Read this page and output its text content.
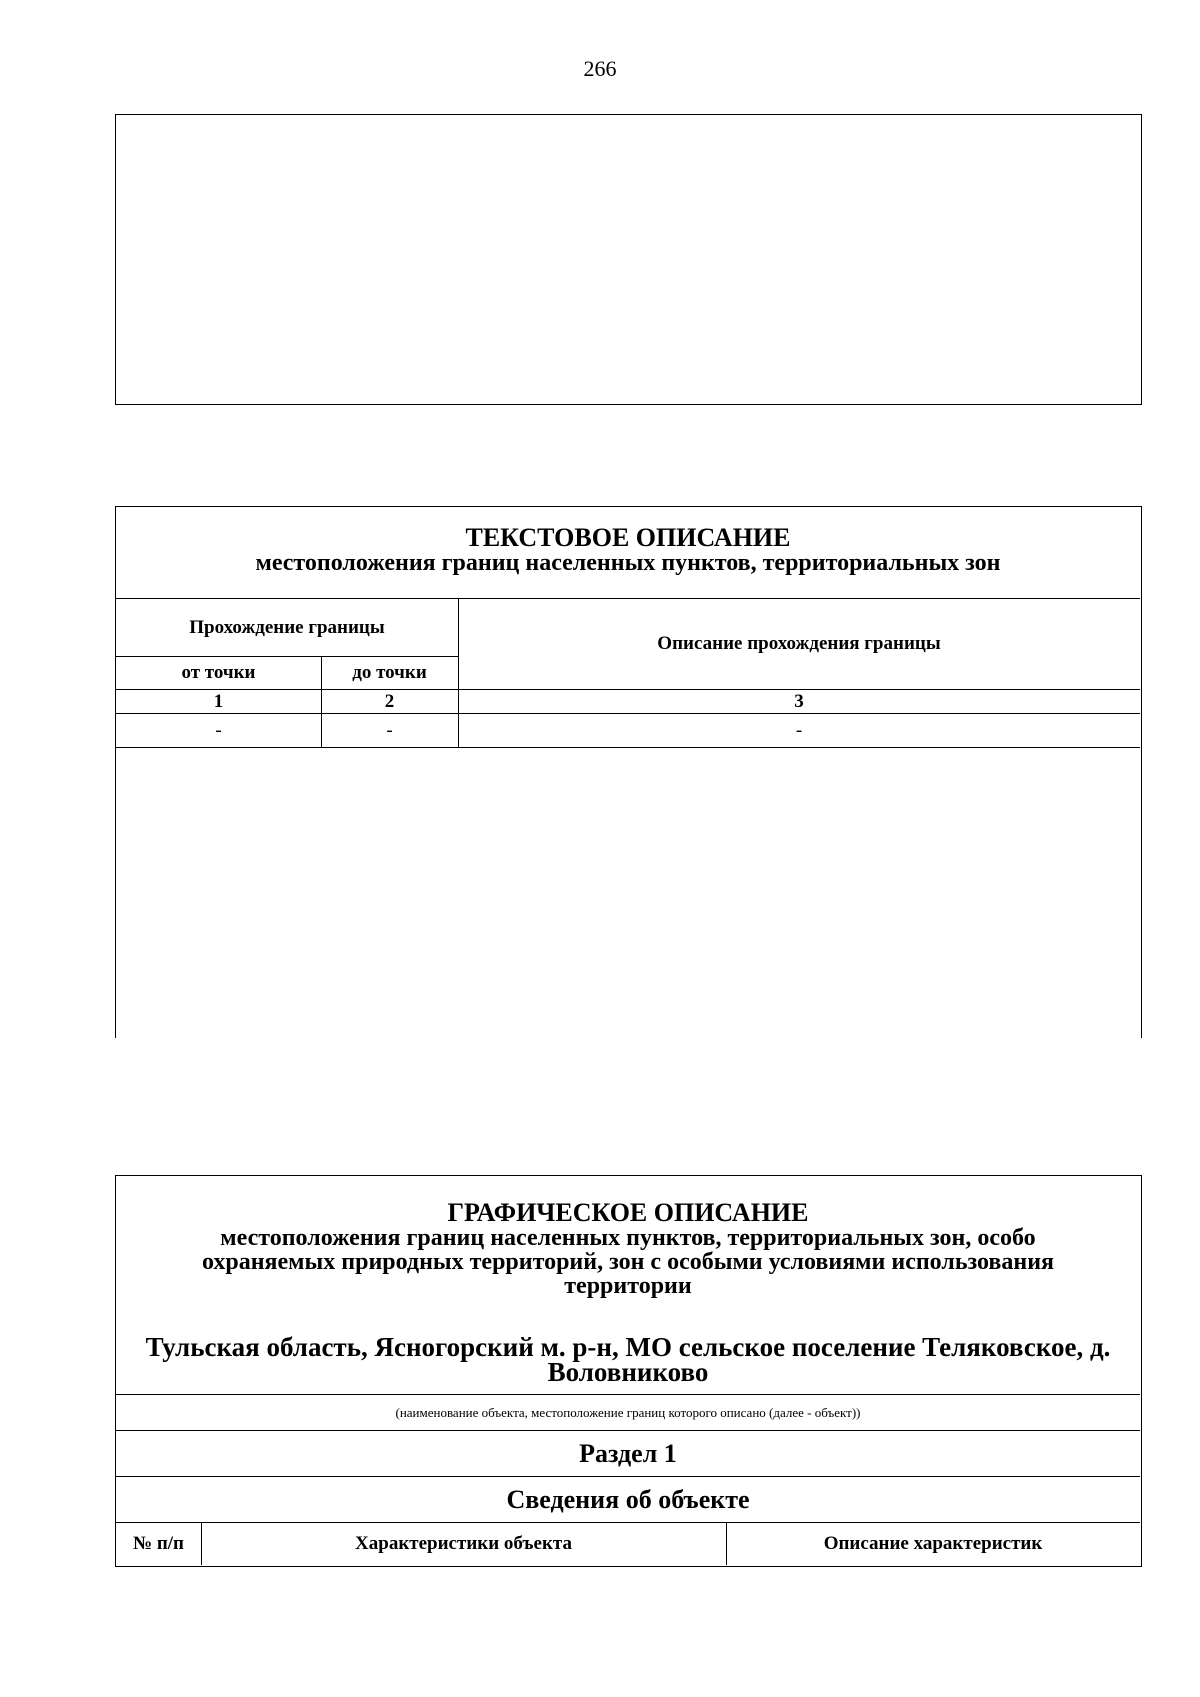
266
ТЕКСТОВОЕ ОПИСАНИЕ
местоположения границ населенных пунктов, территориальных зон
Прохождение границы
от точки	до точки
Описание прохождения границы
1	2	3
-	-	-
ГРАФИЧЕСКОЕ ОПИСАНИЕ
местоположения границ населенных пунктов, территориальных зон, особо
охраняемых природных территорий, зон с особыми условиями использования
территории
Тульская область, Ясногорский м. р-н, МО сельское поселение Теляковское, д.
Воловниково
(наименование объекта, местоположение границ которого описано (далее - объект))
Раздел 1
Сведения об объекте
№ п/п	Характеристики объекта	Описание характеристик
